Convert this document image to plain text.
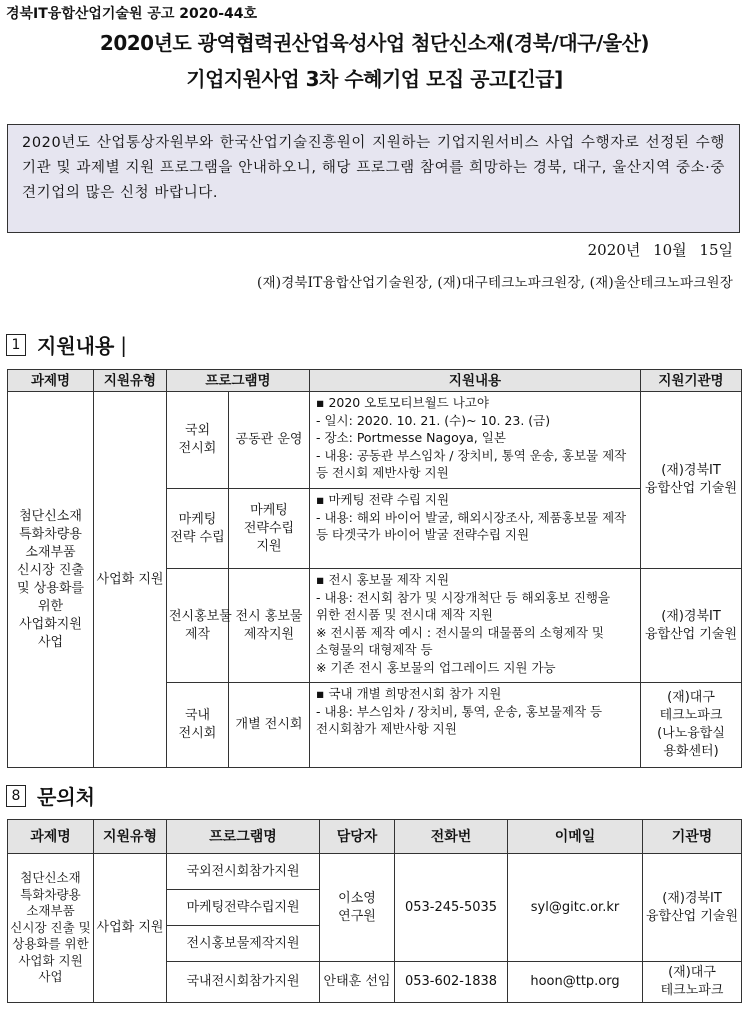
경북IT융합산업기술원 공고 2020-44호
2020년도 광역협력권산업육성사업 첨단신소재(경북/대구/울산)
기업지원사업 3차 수혜기업 모집 공고[긴급]
2020년도 산업통상자원부와 한국산업기술진흥원이 지원하는 기업지원서비스 사업 수행자로 선정된 수행기관 및 과제별 지원 프로그램을 안내하오니, 해당 프로그램 참여를 희망하는 경북, 대구, 울산지역 중소·중견기업의 많은 신청 바랍니다.
2020년 10월 15일
(재)경북IT융합산업기술원장, (재)대구테크노파크원장, (재)울산테크노파크원장
1 지원내용 |
과제명	지원유형	프로그램명		지원내용	지원기관명
첨단신소재 특화차량용 소재부품 신시장 진출 및 상용화를 위한 사업화지원 사업	사업화 지원	국외 전시회	공동관 운영	▪ 2020 오토모티브월드 나고야
- 일시: 2020. 10. 21. (수)~ 10. 23. (금)
- 장소: Portmesse Nagoya, 일본
- 내용: 공동관 부스임차 / 장치비, 통역 운송, 홍보물 제작 등 전시회 제반사항 지원	(재)경북IT 융합산업 기술원
		마케팅 전략 수립	마케팅 전략수립 지원	▪ 마케팅 전략 수립 지원
- 내용: 해외 바이어 발굴, 해외시장조사, 제품홍보물 제작 등 타겟국가 바이어 발굴 전략수립 지원	

		전시홍보물 제작	전시 홍보물 제작지원	▪ 전시 홍보물 제작 지원
- 내용: 전시회 참가 및 시장개척단 등 해외홍보 진행을 위한 전시품 및 전시대 제작 지원
※ 전시품 제작 예시 : 전시물의 대물품의 소형제작 및 소형물의 대형제작 등
※ 기존 전시 홍보물의 업그레이드 지원 가능	(재)경북IT 융합산업 기술원
		국내 전시회	개별 전시회	▪ 국내 개별 희망전시회 참가 지원
- 내용: 부스임차 / 장치비, 통역, 운송, 홍보물제작 등 전시회참가 제반사항 지원	(재)대구 테크노파크 (나노융합실 용화센터)
8 문의처
과제명	지원유형	프로그램명	담당자	전화번	이메일	기관명
첨단신소재 특화차량용 소재부품 신시장 진출 및 상용화를 위한 사업화 지원 사업	사업화 지원	국외전시회참가지원	이소영 연구원	053-245-5035	syl@gitc.or.kr	(재)경북IT 융합산업 기술원
		마케팅전략수립지원				
		전시홍보물제작지원				
		국내전시회참가지원	안태훈 선임	053-602-1838	hoon@ttp.org	(재)대구 테크노파크
